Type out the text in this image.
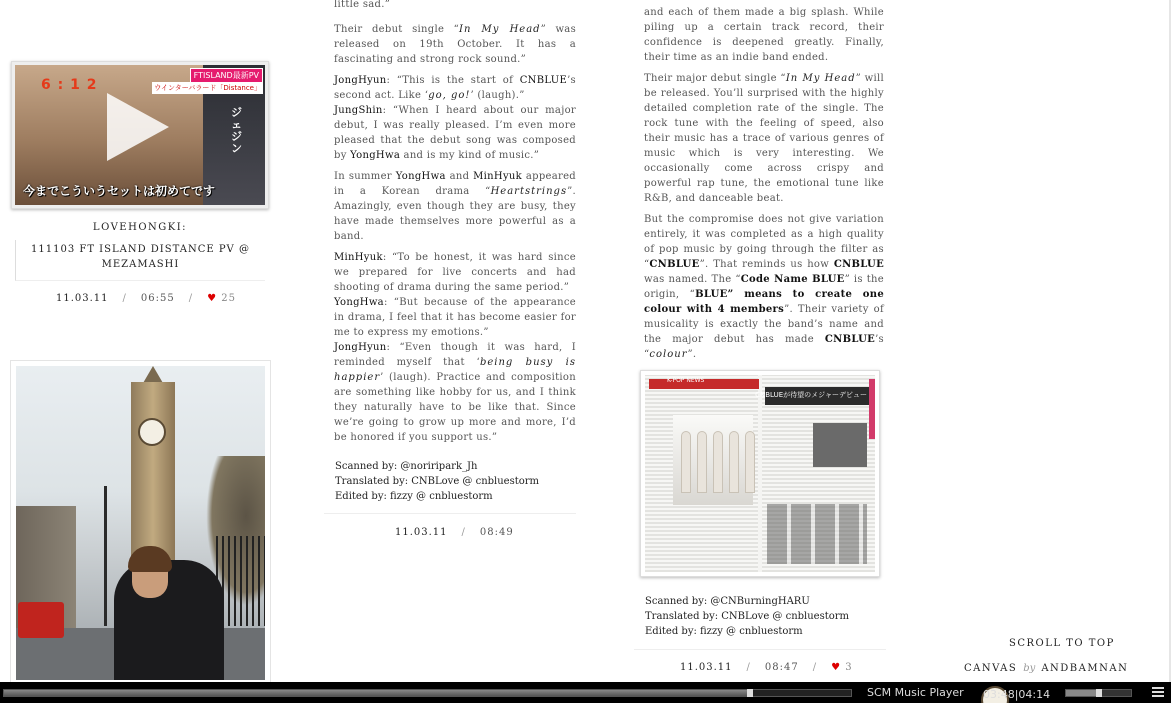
6 : 1 2
FTISLAND最新PV
ウインターバラード「Distance」
ジェジン
今までこういうセットは初めてです
LOVEHONGKI:
111103 FT ISLAND DISTANCE PV @ MEZAMASHI
11.03.11 / 06:55 / ♥ 25

little sad.”

Their debut single “In My Head” was released on 19th October. It has a fascinating and strong rock sound.”

JongHyun: “This is the start of CNBLUE’s second act. Like ‘go, go!’ (laugh).”

JungShin: “When I heard about our major debut, I was really pleased. I’m even more pleased that the debut song was composed by YongHwa and is my kind of music.”

In summer YongHwa and MinHyuk appeared in a Korean drama “Heartstrings”. Amazingly, even though they are busy, they have made themselves more powerful as a band.

MinHyuk: “To be honest, it was hard since we prepared for live concerts and had shooting of drama during the same period.”

YongHwa: “But because of the appearance in drama, I feel that it has become easier for me to express my emotions.”

JongHyun: “Even though it was hard, I reminded myself that ‘being busy is happier’ (laugh). Practice and composition are something like hobby for us, and I think they naturally have to be like that. Since we’re going to grow up more and more, I’d be honored if you support us.”

Scanned by: @noriripark_Jh
Translated by: CNBLove @ cnbluestorm
Edited by: fizzy @ cnbluestorm
11.03.11 / 08:49

and each of them made a big splash. While piling up a certain track record, their confidence is deepened greatly. Finally, their time as an indie band ended.

Their major debut single “In My Head” will be released. You’ll surprised with the highly detailed completion rate of the single. The rock tune with the feeling of speed, also their music has a trace of various genres of music which is very interesting. We occasionally come across crispy and powerful rap tune, the emotional tune like R&B, and danceable beat.

But the compromise does not give variation entirely, it was completed as a high quality of pop music by going through the filter as “CNBLUE”. That reminds us how CNBLUE was named. The “Code Name BLUE” is the origin, “BLUE” means to create one colour with 4 members”. Their variety of musicality is exactly the band’s name and the major debut has made CNBLUE’s “colour”.

K-POP NEWS
CNBLUEが待望のメジャーデビュー
Scanned by: @CNBurningHARU
Translated by: CNBLove @ cnbluestorm
Edited by: fizzy @ cnbluestorm
11.03.11 / 08:47 / ♥ 3
SCROLL TO TOP
CANVAS by ANDBAMNAN
SCM Music Player 03:48|04:14
